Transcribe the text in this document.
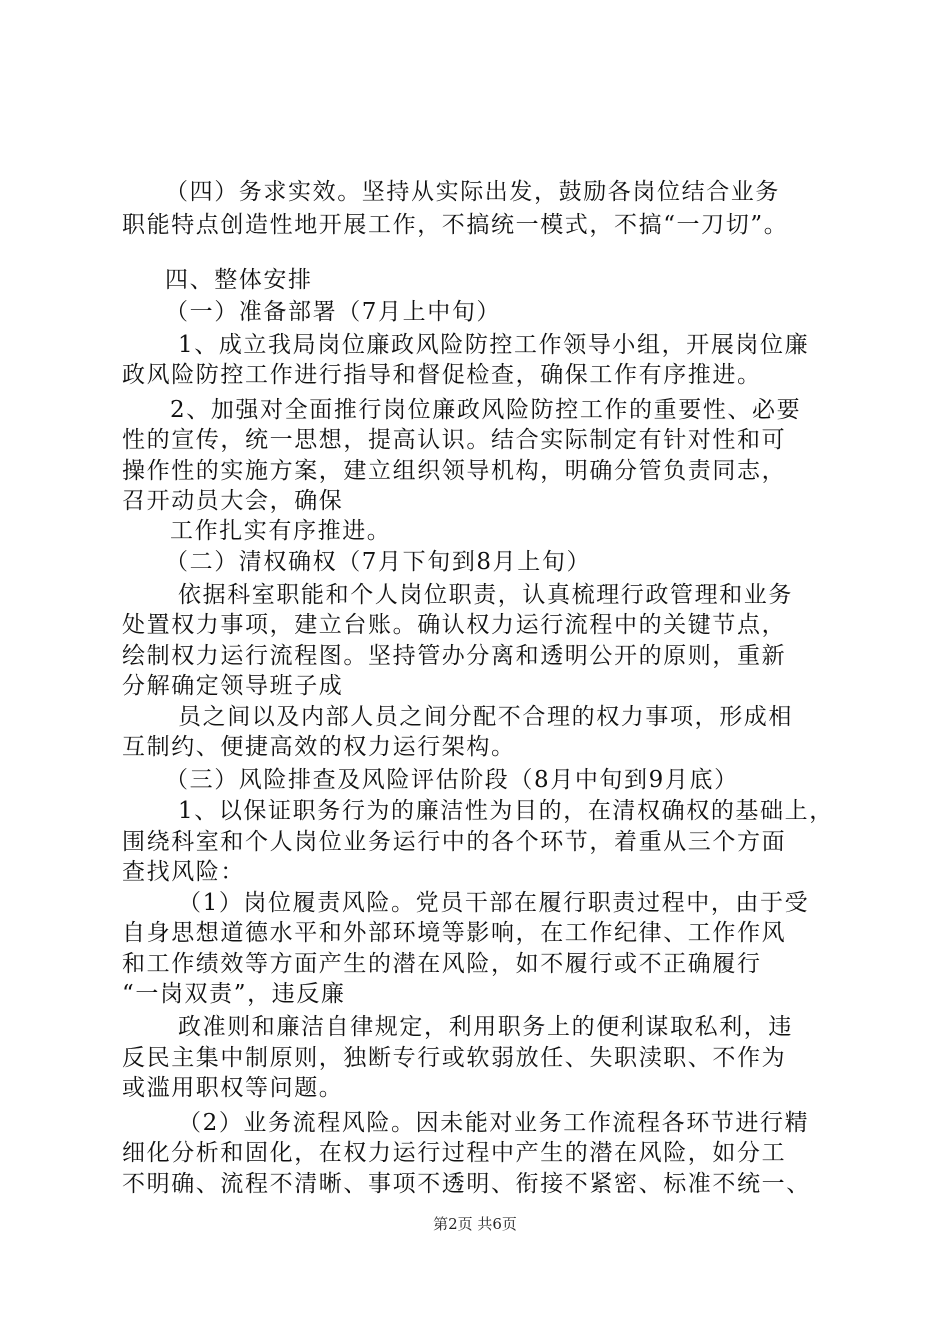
（四）务求实效。坚持从实际出发，鼓励各岗位结合业务
职能特点创造性地开展工作，不搞统一模式，不搞“一刀切”。
四、整体安排
（一）准备部署（7月上中旬）
1、成立我局岗位廉政风险防控工作领导小组，开展岗位廉
政风险防控工作进行指导和督促检查，确保工作有序推进。
2、加强对全面推行岗位廉政风险防控工作的重要性、必要
性的宣传，统一思想，提高认识。结合实际制定有针对性和可
操作性的实施方案，建立组织领导机构，明确分管负责同志，
召开动员大会，确保
工作扎实有序推进。
（二）清权确权（7月下旬到8月上旬）
依据科室职能和个人岗位职责，认真梳理行政管理和业务
处置权力事项，建立台账。确认权力运行流程中的关键节点，
绘制权力运行流程图。坚持管办分离和透明公开的原则，重新
分解确定领导班子成
员之间以及内部人员之间分配不合理的权力事项，形成相
互制约、便捷高效的权力运行架构。
（三）风险排查及风险评估阶段（8月中旬到9月底）
1、以保证职务行为的廉洁性为目的，在清权确权的基础上，
围绕科室和个人岗位业务运行中的各个环节，着重从三个方面
查找风险：
（1）岗位履责风险。党员干部在履行职责过程中，由于受
自身思想道德水平和外部环境等影响，在工作纪律、工作作风
和工作绩效等方面产生的潜在风险，如不履行或不正确履行
“一岗双责”，违反廉
政准则和廉洁自律规定，利用职务上的便利谋取私利，违
反民主集中制原则，独断专行或软弱放任、失职渎职、不作为
或滥用职权等问题。
（2）业务流程风险。因未能对业务工作流程各环节进行精
细化分析和固化，在权力运行过程中产生的潜在风险，如分工
不明确、流程不清晰、事项不透明、衔接不紧密、标准不统一、
第2页 共6页
